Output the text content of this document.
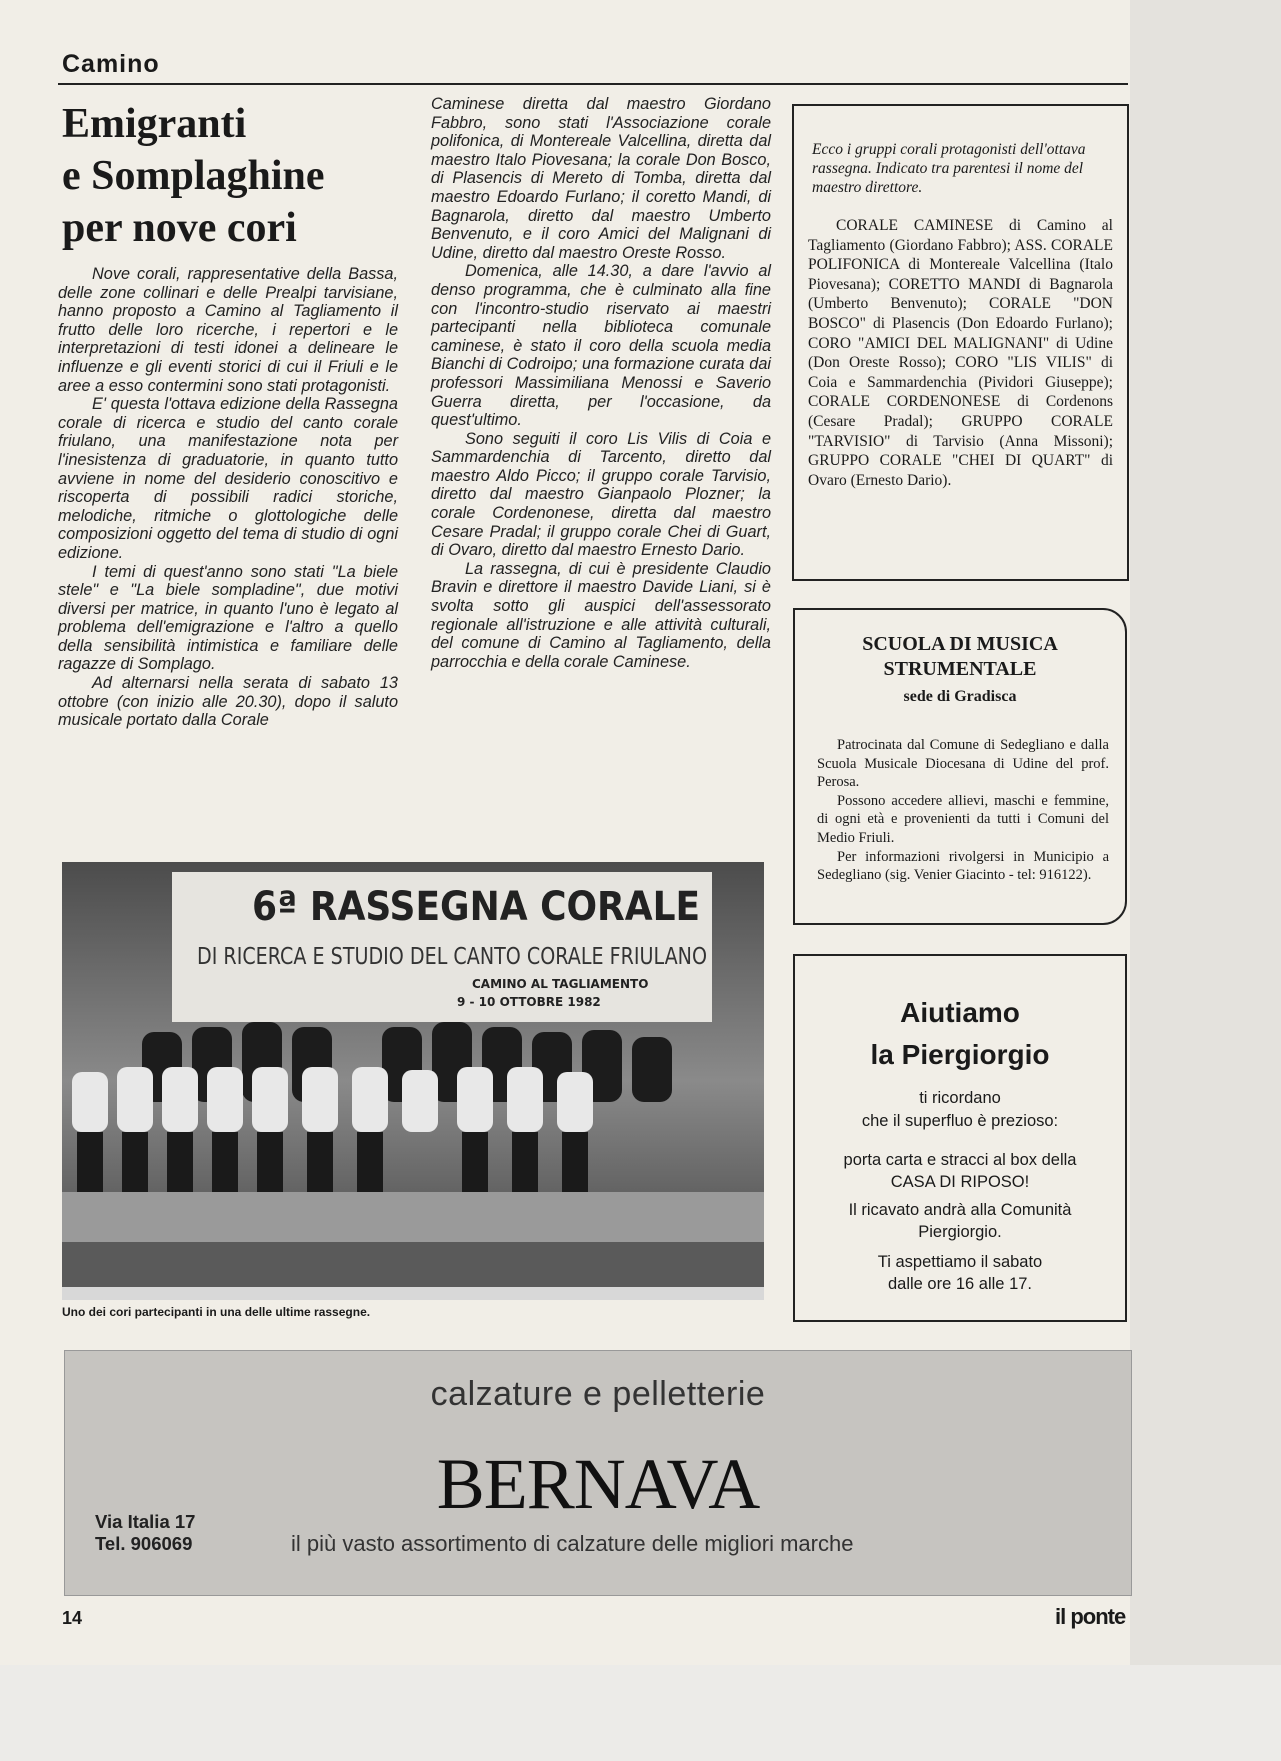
Camino
Emigranti
e Somplaghine
per nove cori

Nove corali, rappresentative della Bassa, delle zone collinari e delle Prealpi tarvisiane, hanno proposto a Camino al Tagliamento il frutto delle loro ricerche, i repertori e le interpretazioni di testi idonei a delineare le influenze e gli eventi storici di cui il Friuli e le aree a esso contermini sono stati protagonisti.

E' questa l'ottava edizione della Rassegna corale di ricerca e studio del canto corale friulano, una manifestazione nota per l'inesistenza di graduatorie, in quanto tutto avviene in nome del desiderio conoscitivo e riscoperta di possibili radici storiche, melodiche, ritmiche o glottologiche delle composizioni oggetto del tema di studio di ogni edizione.

I temi di quest'anno sono stati "La biele stele" e "La biele sompladine", due motivi diversi per matrice, in quanto l'uno è legato al problema dell'emigrazione e l'altro a quello della sensibilità intimistica e familiare delle ragazze di Somplago.

Ad alternarsi nella serata di sabato 13 ottobre (con inizio alle 20.30), dopo il saluto musicale portato dalla Corale

Caminese diretta dal maestro Giordano Fabbro, sono stati l'Associazione corale polifonica, di Montereale Valcellina, diretta dal maestro Italo Piovesana; la corale Don Bosco, di Plasencis di Mereto di Tomba, diretta dal maestro Edoardo Furlano; il coretto Mandi, di Bagnarola, diretto dal maestro Umberto Benvenuto, e il coro Amici del Malignani di Udine, diretto dal maestro Oreste Rosso.

Domenica, alle 14.30, a dare l'avvio al denso programma, che è culminato alla fine con l'incontro-studio riservato ai maestri partecipanti nella biblioteca comunale caminese, è stato il coro della scuola media Bianchi di Codroipo; una formazione curata dai professori Massimiliana Menossi e Saverio Guerra diretta, per l'occasione, da quest'ultimo.

Sono seguiti il coro Lis Vilis di Coia e Sammardenchia di Tarcento, diretto dal maestro Aldo Picco; il gruppo corale Tarvisio, diretto dal maestro Gianpaolo Plozner; la corale Cordenonese, diretta dal maestro Cesare Pradal; il gruppo corale Chei di Guart, di Ovaro, diretto dal maestro Ernesto Dario.

La rassegna, di cui è presidente Claudio Bravin e direttore il maestro Davide Liani, si è svolta sotto gli auspici dell'assessorato regionale all'istruzione e alle attività culturali, del comune di Camino al Tagliamento, della parrocchia e della corale Caminese.

Ecco i gruppi corali protagonisti dell'ottava rassegna. Indicato tra parentesi il nome del maestro direttore.

CORALE CAMINESE di Camino al Tagliamento (Giordano Fabbro); ASS. CORALE POLIFONICA di Montereale Valcellina (Italo Piovesana); CORETTO MANDI di Bagnarola (Umberto Benvenuto); CORALE "DON BOSCO" di Plasencis (Don Edoardo Furlano); CORO "AMICI DEL MALIGNANI" di Udine (Don Oreste Rosso); CORO "LIS VILIS" di Coia e Sammardenchia (Pividori Giuseppe); CORALE CORDENONESE di Cordenons (Cesare Pradal); GRUPPO CORALE "TARVISIO" di Tarvisio (Anna Missoni); GRUPPO CORALE "CHEI DI QUART" di Ovaro (Ernesto Dario).

SCUOLA DI MUSICA
STRUMENTALE
sede di Gradisca

Patrocinata dal Comune di Sedegliano e dalla Scuola Musicale Diocesana di Udine del prof. Perosa.

Possono accedere allievi, maschi e femmine, di ogni età e provenienti da tutti i Comuni del Medio Friuli.

Per informazioni rivolgersi in Municipio a Sedegliano (sig. Venier Giacinto - tel: 916122).

Aiutiamo
la Piergiorgio
ti ricordano
che il superfluo è prezioso:
porta carta e stracci al box della
CASA DI RIPOSO!
Il ricavato andrà alla Comunità
Piergiorgio.
Ti aspettiamo il sabato
dalle ore 16 alle 17.
6ª RASSEGNA CORALE
DI RICERCA E STUDIO DEL CANTO CORALE FRIULANO
CAMINO AL TAGLIAMENTO
9 - 10 OTTOBRE 1982
Uno dei cori partecipanti in una delle ultime rassegne.
calzature e pelletterie
BERNAVA
Via Italia 17
Tel. 906069	il più vasto assortimento di calzature delle migliori marche
14	il ponte
